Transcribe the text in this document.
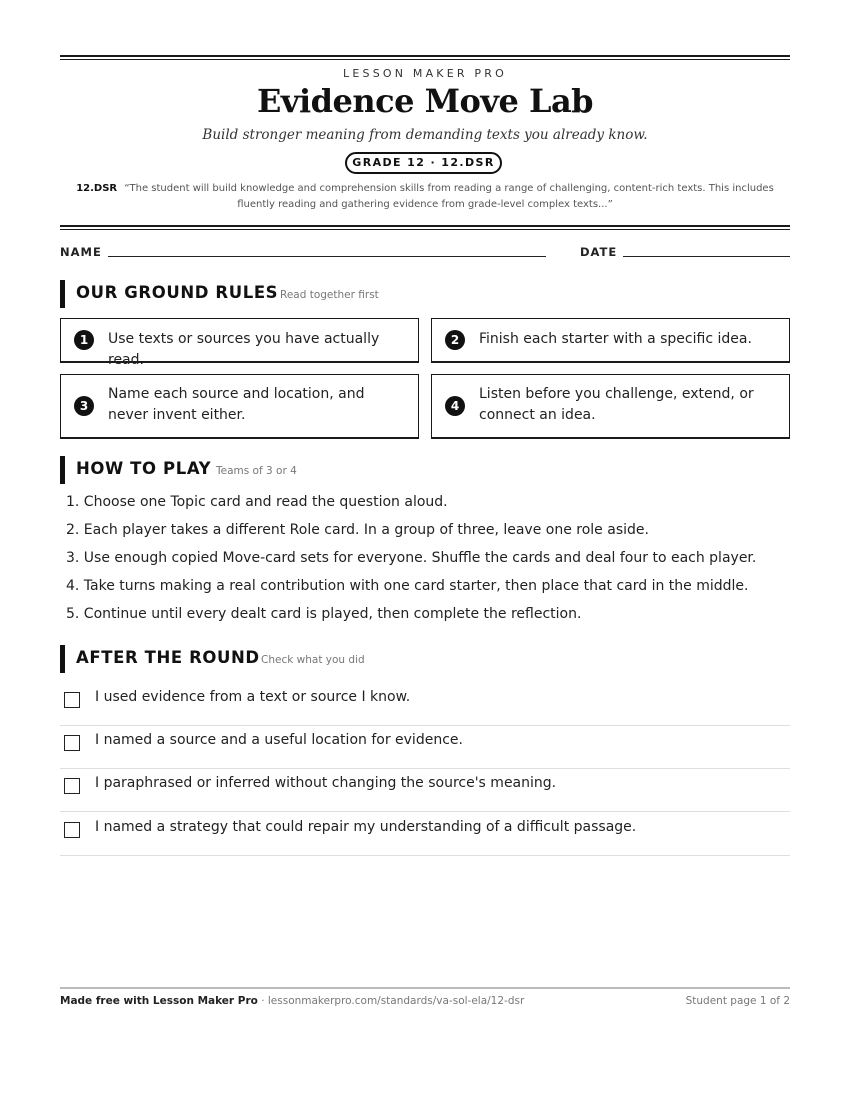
LESSON MAKER PRO
Evidence Move Lab
Build stronger meaning from demanding texts you already know.
GRADE 12 · 12.DSR
12.DSR “The student will build knowledge and comprehension skills from reading a range of challenging, content-rich texts. This includes fluently reading and gathering evidence from grade-level complex texts...”
NAME	DATE
OUR GROUND RULES Read together first
1	Use texts or sources you have actually read.
2	Finish each starter with a specific idea.
3
Name each source and location, and never invent either.
4
Listen before you challenge, extend, or connect an idea.
HOW TO PLAY Teams of 3 or 4
1. Choose one Topic card and read the question aloud.
2. Each player takes a different Role card. In a group of three, leave one role aside.
3. Use enough copied Move-card sets for everyone. Shuffle the cards and deal four to each player.
4. Take turns making a real contribution with one card starter, then place that card in the middle.
5. Continue until every dealt card is played, then complete the reflection.
AFTER THE ROUND Check what you did
I used evidence from a text or source I know.
I named a source and a useful location for evidence.
I paraphrased or inferred without changing the source's meaning.
I named a strategy that could repair my understanding of a difficult passage.
Made free with Lesson Maker Pro · lessonmakerpro.com/standards/va-sol-ela/12-dsr	Student page 1 of 2
